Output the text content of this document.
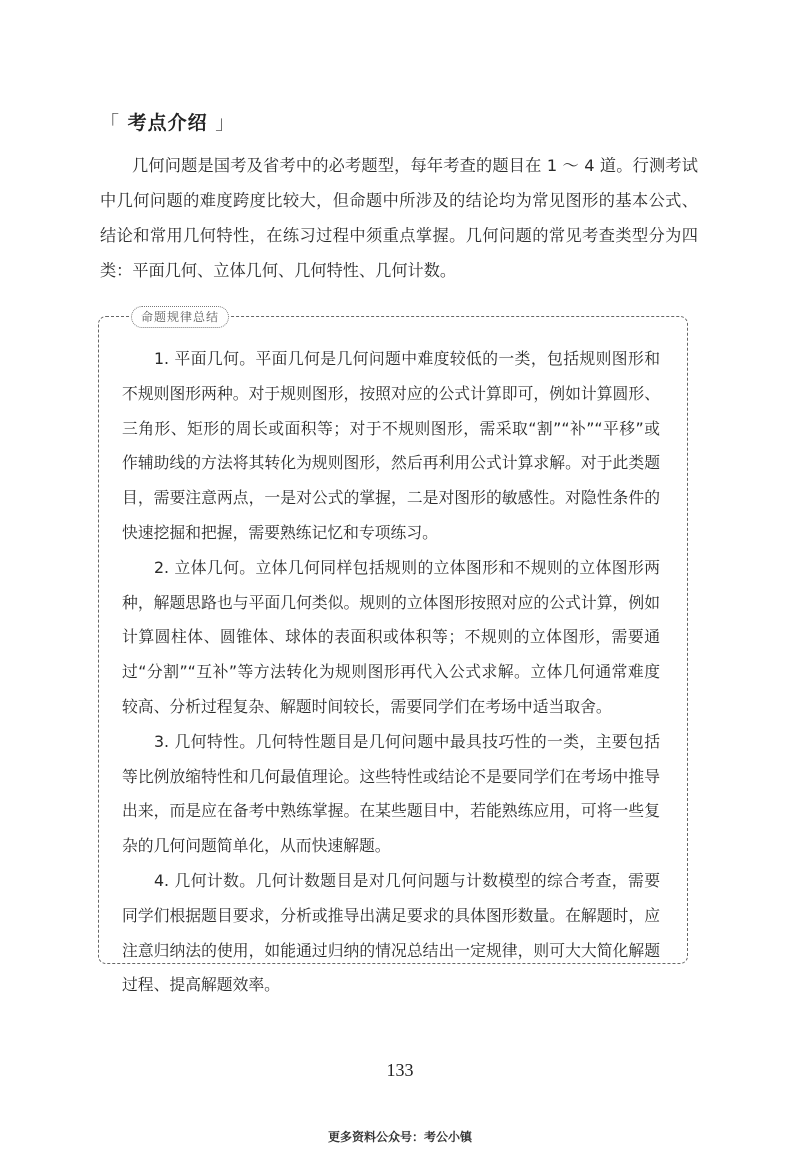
「 考点介绍 」

几何问题是国考及省考中的必考题型，每年考查的题目在 1 ～ 4 道。行测考试中几何问题的难度跨度比较大，但命题中所涉及的结论均为常见图形的基本公式、结论和常用几何特性，在练习过程中须重点掌握。几何问题的常见考查类型分为四类：平面几何、立体几何、几何特性、几何计数。

命题规律总结

1. 平面几何。平面几何是几何问题中难度较低的一类，包括规则图形和不规则图形两种。对于规则图形，按照对应的公式计算即可，例如计算圆形、三角形、矩形的周长或面积等；对于不规则图形，需采取“割”“补”“平移”或作辅助线的方法将其转化为规则图形，然后再利用公式计算求解。对于此类题目，需要注意两点，一是对公式的掌握，二是对图形的敏感性。对隐性条件的快速挖掘和把握，需要熟练记忆和专项练习。

2. 立体几何。立体几何同样包括规则的立体图形和不规则的立体图形两种，解题思路也与平面几何类似。规则的立体图形按照对应的公式计算，例如计算圆柱体、圆锥体、球体的表面积或体积等；不规则的立体图形，需要通过“分割”“互补”等方法转化为规则图形再代入公式求解。立体几何通常难度较高、分析过程复杂、解题时间较长，需要同学们在考场中适当取舍。

3. 几何特性。几何特性题目是几何问题中最具技巧性的一类，主要包括等比例放缩特性和几何最值理论。这些特性或结论不是要同学们在考场中推导出来，而是应在备考中熟练掌握。在某些题目中，若能熟练应用，可将一些复杂的几何问题简单化，从而快速解题。

4. 几何计数。几何计数题目是对几何问题与计数模型的综合考查，需要同学们根据题目要求，分析或推导出满足要求的具体图形数量。在解题时，应注意归纳法的使用，如能通过归纳的情况总结出一定规律，则可大大简化解题过程、提高解题效率。

133
更多资料公众号：考公小镇
